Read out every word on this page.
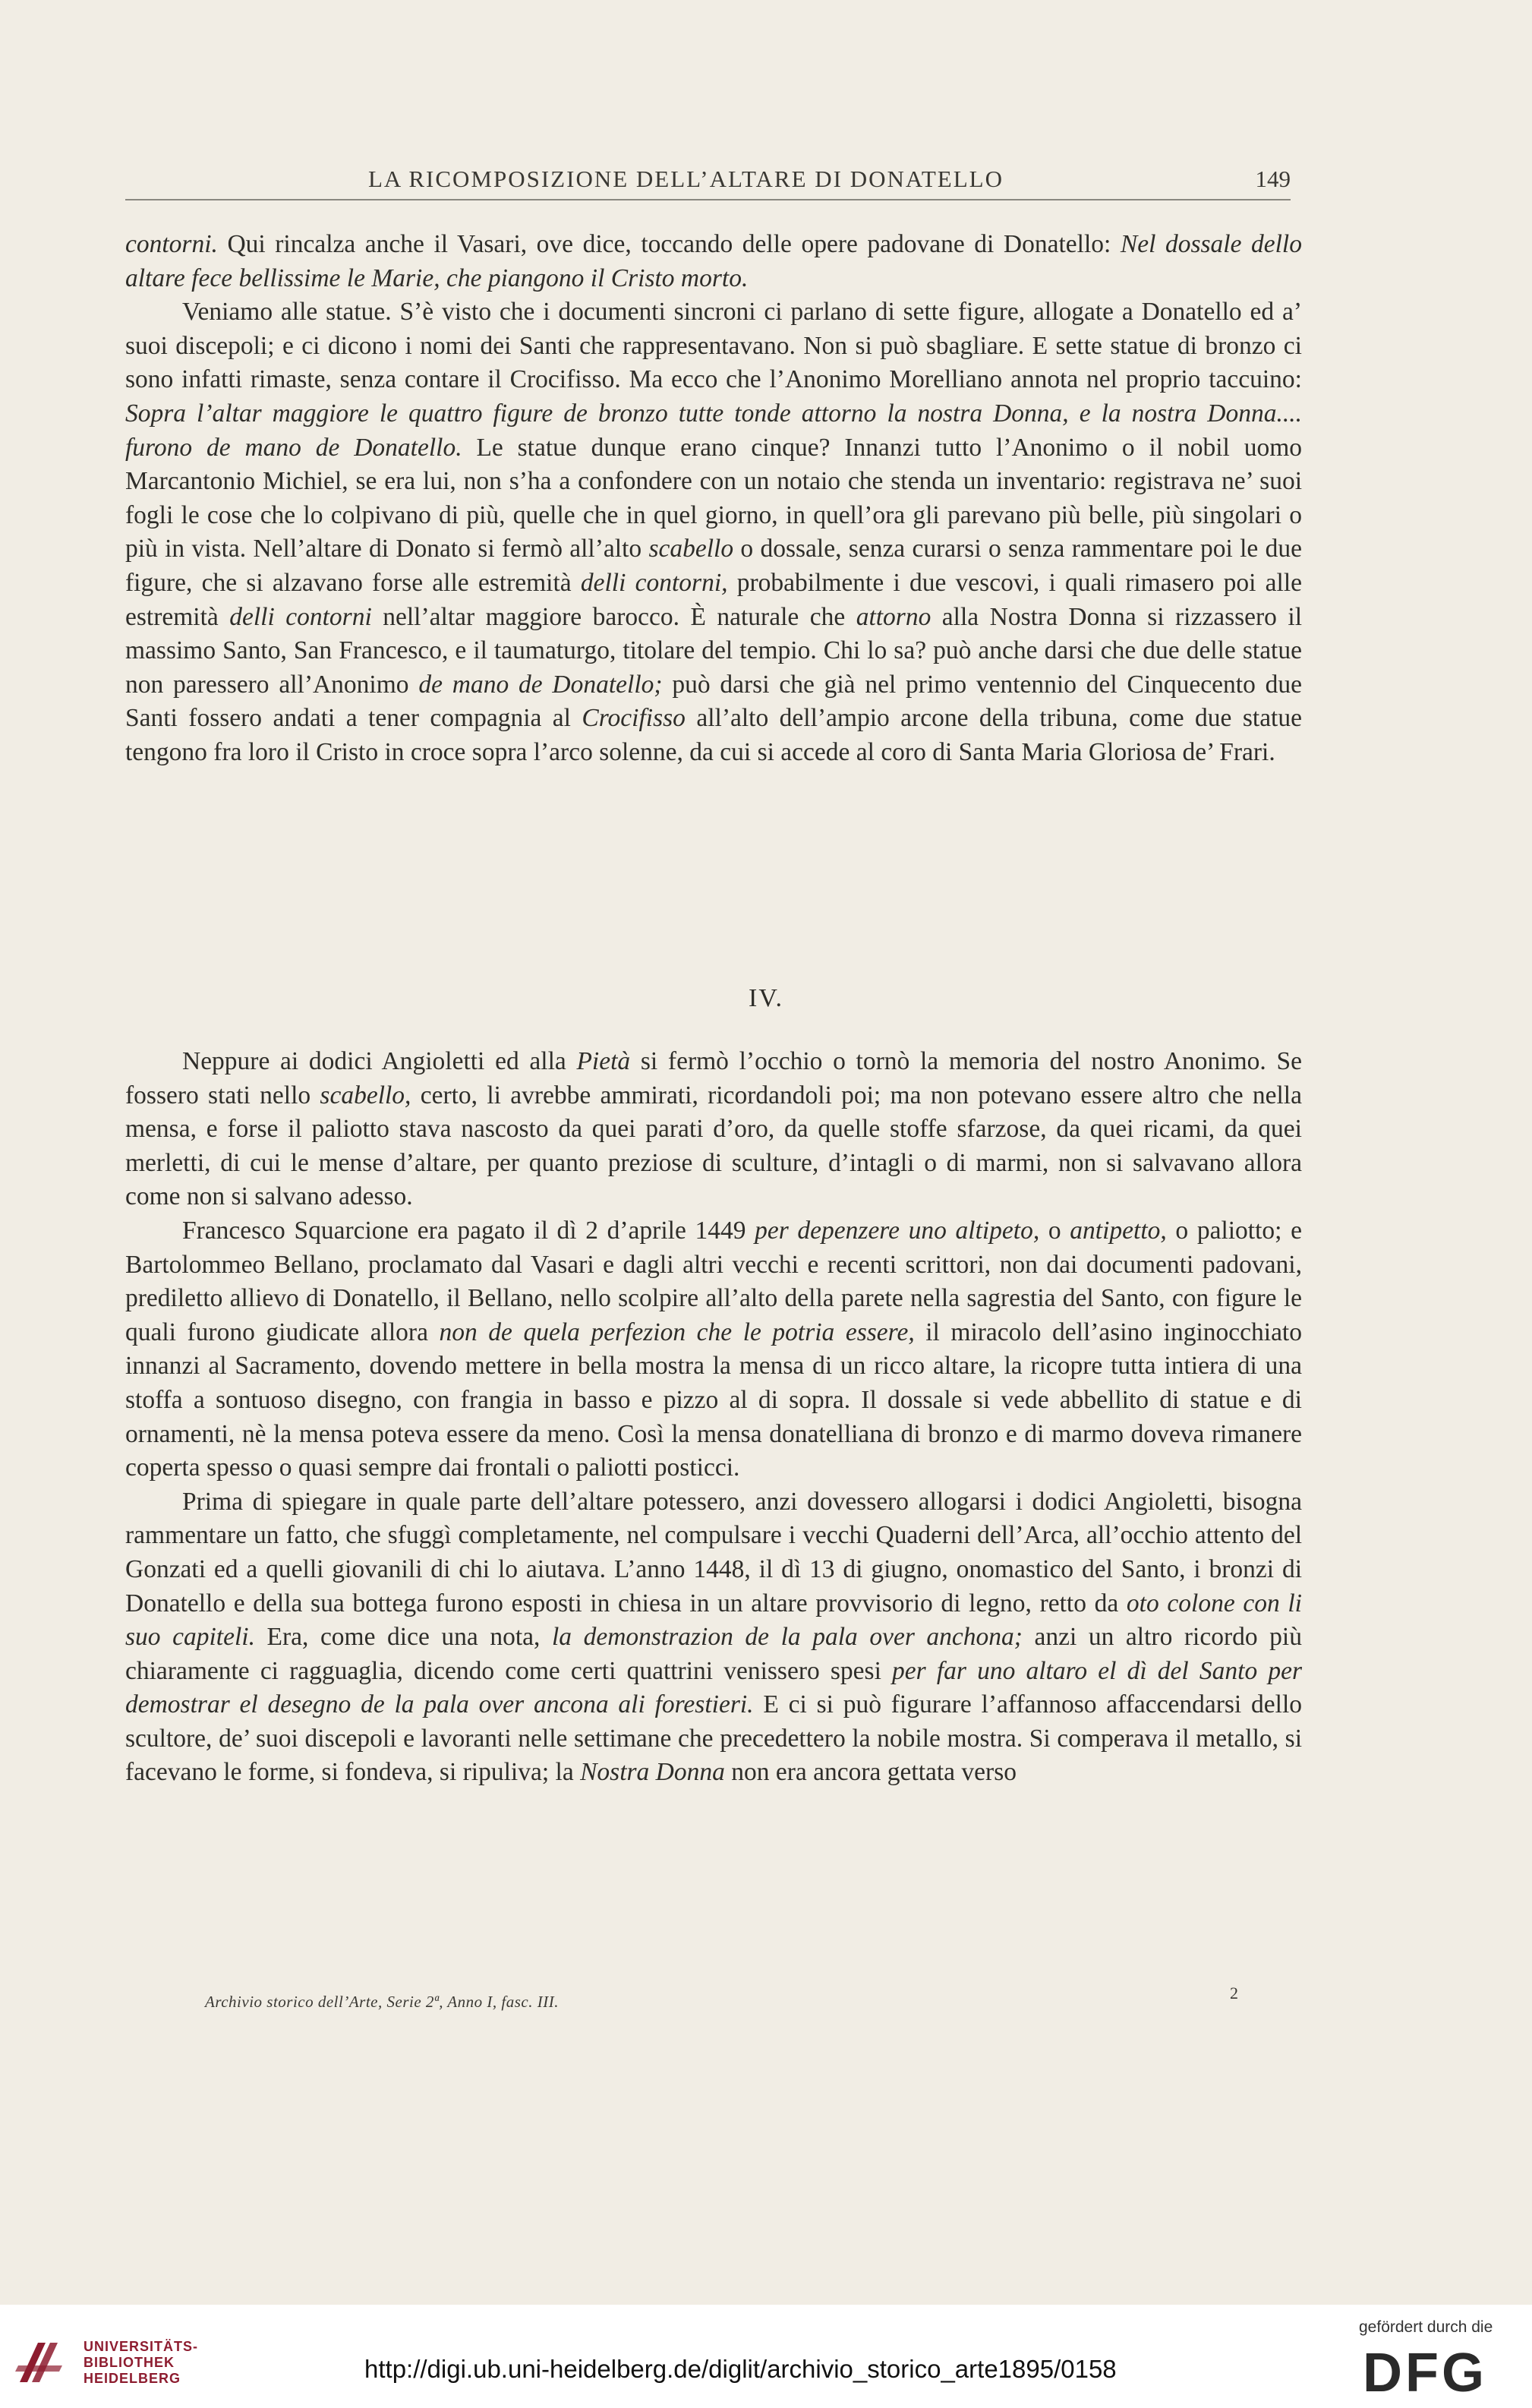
LA RICOMPOSIZIONE DELL’ALTARE DI DONATELLO	149

contorni. Qui rincalza anche il Vasari, ove dice, toccando delle opere padovane di Donatello: Nel dossale dello altare fece bellissime le Marie, che piangono il Cristo morto.

Veniamo alle statue. S’è visto che i documenti sincroni ci parlano di sette figure, allogate a Donatello ed a’ suoi discepoli; e ci dicono i nomi dei Santi che rappresentavano. Non si può sbagliare. E sette statue di bronzo ci sono infatti rimaste, senza contare il Crocifisso. Ma ecco che l’Anonimo Morelliano annota nel proprio taccuino: Sopra l’altar maggiore le quattro figure de bronzo tutte tonde attorno la nostra Donna, e la nostra Donna.... furono de mano de Donatello. Le statue dunque erano cinque? Innanzi tutto l’Anonimo o il nobil uomo Marcantonio Michiel, se era lui, non s’ha a confondere con un notaio che stenda un inventario: registrava ne’ suoi fogli le cose che lo colpivano di più, quelle che in quel giorno, in quell’ora gli parevano più belle, più singolari o più in vista. Nell’altare di Donato si fermò all’alto scabello o dossale, senza curarsi o senza rammentare poi le due figure, che si alzavano forse alle estremità delli contorni, probabilmente i due vescovi, i quali rimasero poi alle estremità delli contorni nell’altar maggiore barocco. È naturale che attorno alla Nostra Donna si rizzassero il massimo Santo, San Francesco, e il taumaturgo, titolare del tempio. Chi lo sa? può anche darsi che due delle statue non paressero all’Anonimo de mano de Donatello; può darsi che già nel primo ventennio del Cinquecento due Santi fossero andati a tener compagnia al Crocifisso all’alto dell’ampio arcone della tribuna, come due statue tengono fra loro il Cristo in croce sopra l’arco solenne, da cui si accede al coro di Santa Maria Gloriosa de’ Frari.

IV.

Neppure ai dodici Angioletti ed alla Pietà si fermò l’occhio o tornò la memoria del nostro Anonimo. Se fossero stati nello scabello, certo, li avrebbe ammirati, ricordandoli poi; ma non potevano essere altro che nella mensa, e forse il paliotto stava nascosto da quei parati d’oro, da quelle stoffe sfarzose, da quei ricami, da quei merletti, di cui le mense d’altare, per quanto preziose di sculture, d’intagli o di marmi, non si salvavano allora come non si salvano adesso.

Francesco Squarcione era pagato il dì 2 d’aprile 1449 per depenzere uno altipeto, o antipetto, o paliotto; e Bartolommeo Bellano, proclamato dal Vasari e dagli altri vecchi e recenti scrittori, non dai documenti padovani, prediletto allievo di Donatello, il Bellano, nello scolpire all’alto della parete nella sagrestia del Santo, con figure le quali furono giudicate allora non de quela perfezion che le potria essere, il miracolo dell’asino inginocchiato innanzi al Sacramento, dovendo mettere in bella mostra la mensa di un ricco altare, la ricopre tutta intiera di una stoffa a sontuoso disegno, con frangia in basso e pizzo al di sopra. Il dossale si vede abbellito di statue e di ornamenti, nè la mensa poteva essere da meno. Così la mensa donatelliana di bronzo e di marmo doveva rimanere coperta spesso o quasi sempre dai frontali o paliotti posticci.

Prima di spiegare in quale parte dell’altare potessero, anzi dovessero allogarsi i dodici Angioletti, bisogna rammentare un fatto, che sfuggì completamente, nel compulsare i vecchi Quaderni dell’Arca, all’occhio attento del Gonzati ed a quelli giovanili di chi lo aiutava. L’anno 1448, il dì 13 di giugno, onomastico del Santo, i bronzi di Donatello e della sua bottega furono esposti in chiesa in un altare provvisorio di legno, retto da oto colone con li suo capiteli. Era, come dice una nota, la demonstrazion de la pala over anchona; anzi un altro ricordo più chiaramente ci ragguaglia, dicendo come certi quattrini venissero spesi per far uno altaro el dì del Santo per demostrar el desegno de la pala over ancona ali forestieri. E ci si può figurare l’affannoso affaccendarsi dello scultore, de’ suoi discepoli e lavoranti nelle settimane che precedettero la nobile mostra. Si comperava il metallo, si facevano le forme, si fondeva, si ripuliva; la Nostra Donna non era ancora gettata verso

Archivio storico dell’Arte, Serie 2ª, Anno I, fasc. III.	2
UNIVERSITÄTS-
BIBLIOTHEK
HEIDELBERG	http://digi.ub.uni-heidelberg.de/diglit/archivio_storico_arte1895/0158
gefördert durch die
DFG
